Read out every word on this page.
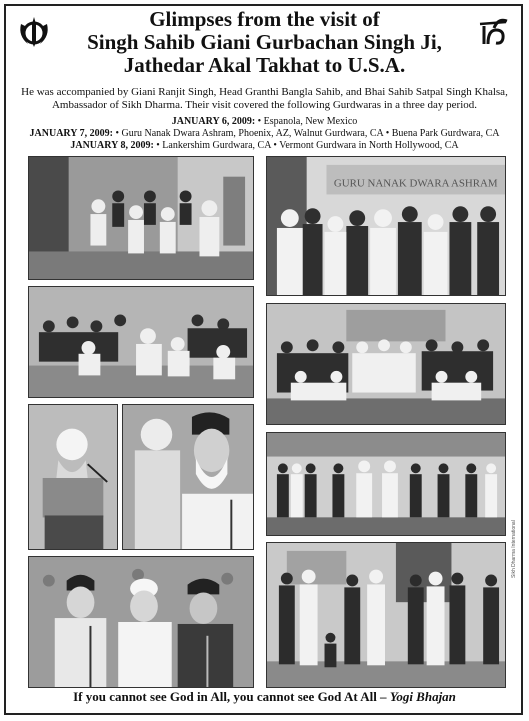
Glimpses from the visit of
Singh Sahib Giani Gurbachan Singh Ji,
Jathedar Akal Takhat to U.S.A.
He was accompanied by Giani Ranjit Singh, Head Granthi Bangla Sahib, and Bhai Sahib Satpal Singh Khalsa, Ambassador of Sikh Dharma. Their visit covered the following Gurdwaras in a three day period.
JANUARY 6, 2009: • Espanola, New Mexico
JANUARY 7, 2009: • Guru Nanak Dwara Ashram, Phoenix, AZ, Walnut Gurdwara, CA • Buena Park Gurdwara, CA
JANUARY 8, 2009: • Lankershim Gurdwara, CA • Vermont Gurdwara in North Hollywood, CA
GURU NANAK DWARA ASHRAM
Sikh Dharma International
If you cannot see God in All, you cannot see God At All – Yogi Bhajan
